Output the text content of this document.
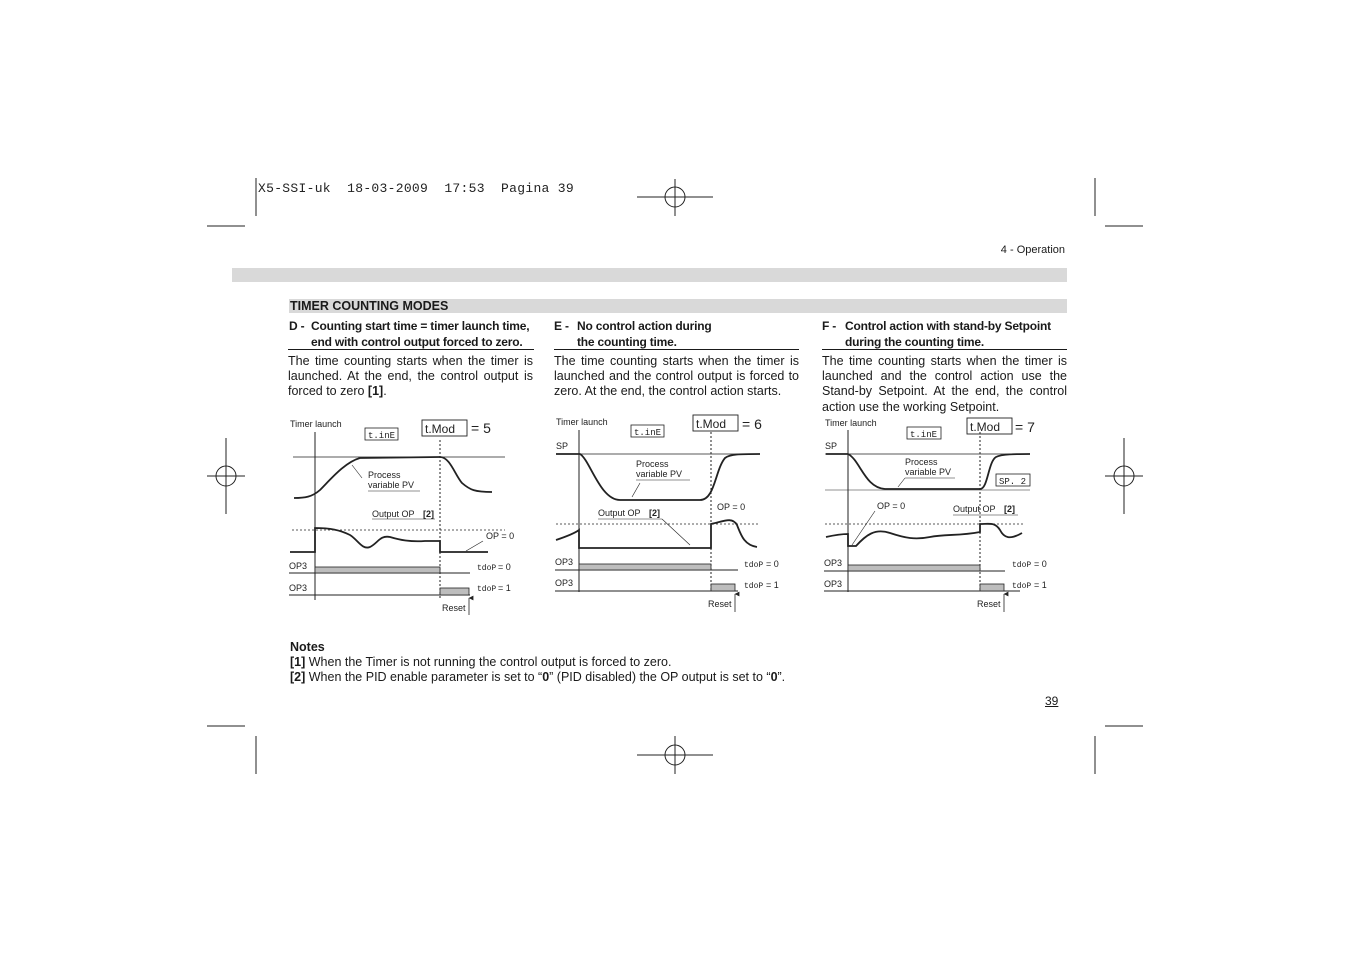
X5-SSI-uk  18-03-2009  17:53  Pagina 39
4 - Operation
TIMER COUNTING MODES
D - Counting start time = timer launch time,
end with control output forced to zero.
The time counting starts when the timer is launched. At the end, the control output is forced to zero [1].
E - No control action during
the counting time.
The time counting starts when the timer is launched and the control output is forced to zero. At the end, the control action starts.
F - Control action with stand-by Setpoint
during the counting time.
The time counting starts when the timer is launched and the control action use the Stand-by Setpoint. At the end, the control action use the working Setpoint.
Timer launch
t.inE t.Mod = 5
Process
variable PV
Output OP [2]
OP = 0
OP3	tdoP = 0
OP3	tdoP = 1
Reset
Timer launch
SP
t.inE
t.Mod = 6
Process
variable PV
Output OP [2]
OP = 0
OP3	tdoP = 0
OP3	tdoP = 1
Reset
Timer launch
SP
t.inE
t.Mod = 7
Process
variable PV
SP. 2
OP = 0	Output OP [2]
OP3	tdoP = 0
OP3	tdoP = 1
Reset
Notes
[1] When the Timer is not running the control output is forced to zero.
[2] When the PID enable parameter is set to “0” (PID disabled) the OP output is set to “0”.
39
